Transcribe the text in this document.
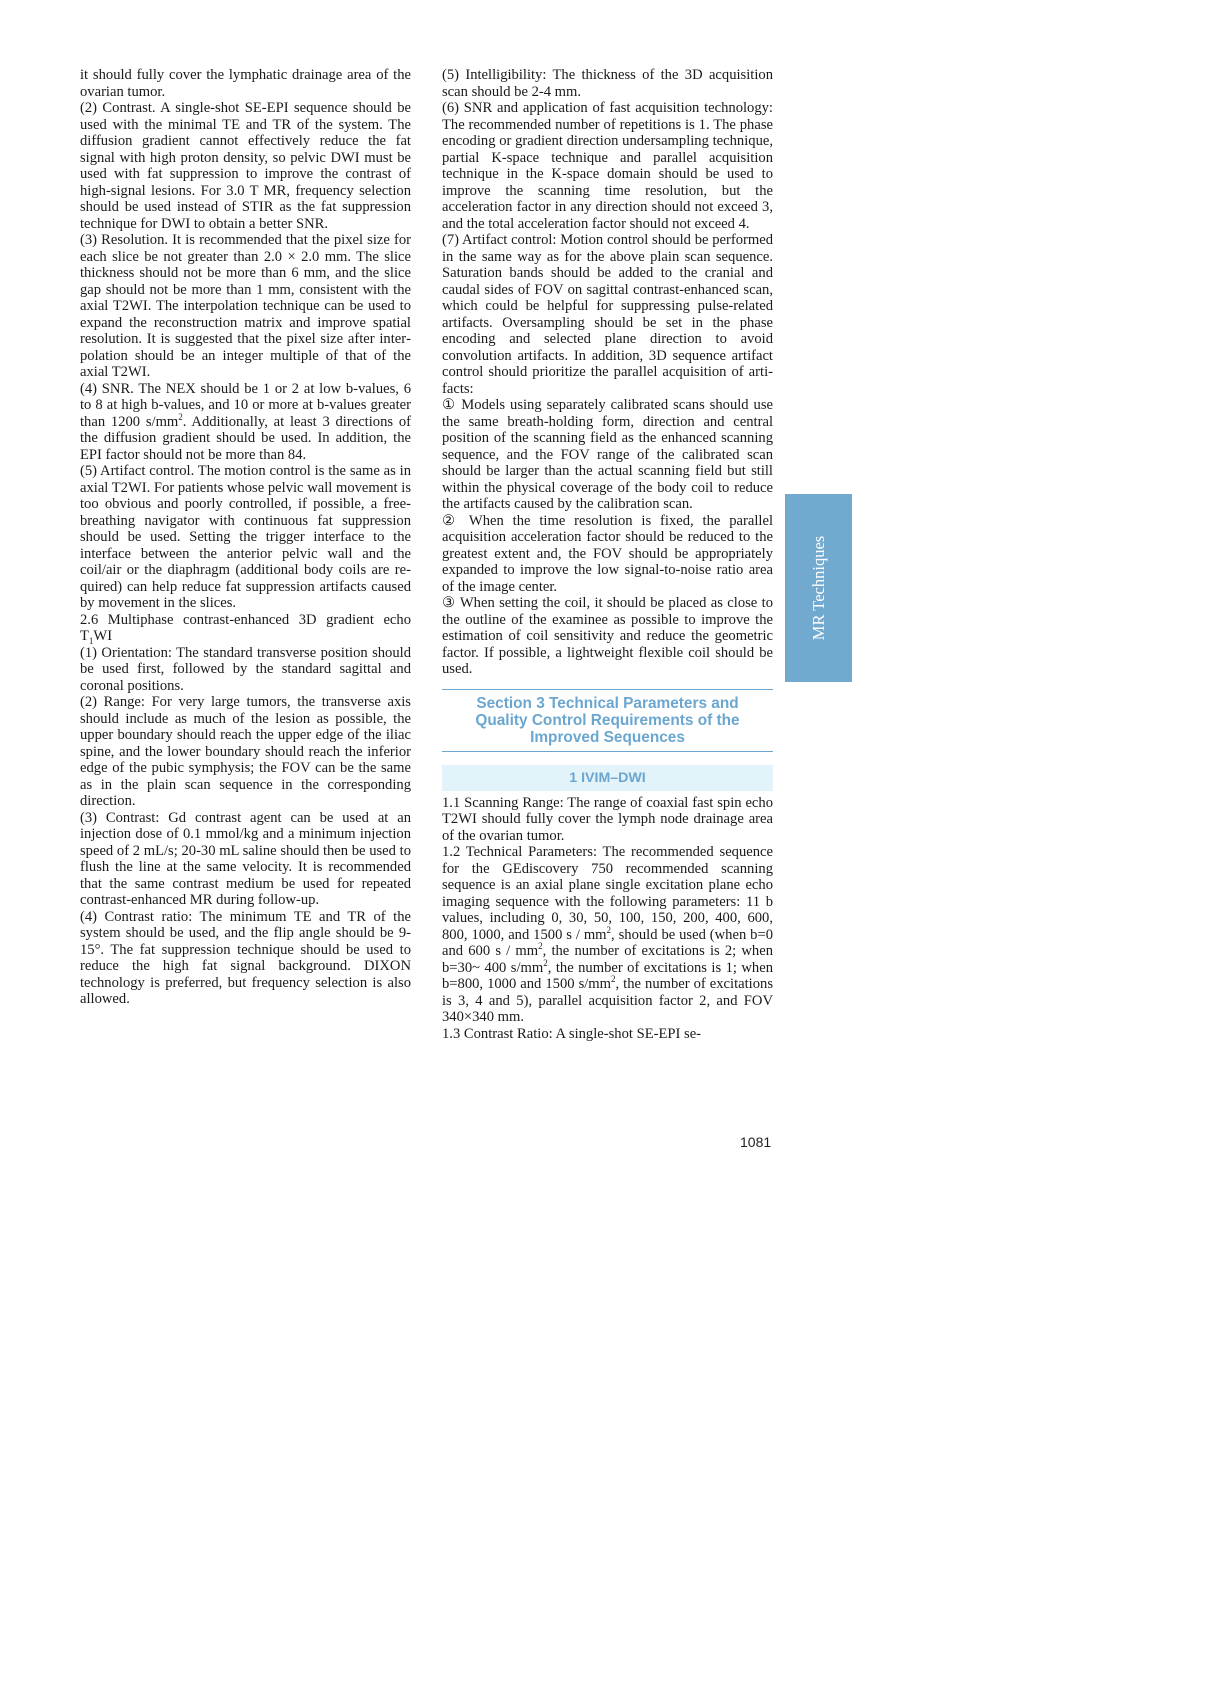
it should fully cover the lymphatic drainage area of the ovarian tumor.

(2) Contrast. A single-shot SE-EPI sequence should be used with the minimal TE and TR of the system. The diffusion gradient cannot effectively reduce the fat signal with high proton density, so pelvic DWI must be used with fat suppression to improve the contrast of high-signal lesions. For 3.0 T MR, frequency selection should be used instead of STIR as the fat suppression technique for DWI to obtain a better SNR.

(3) Resolution. It is recommended that the pixel size for each slice be not greater than 2.0 × 2.0 mm. The slice thickness should not be more than 6 mm, and the slice gap should not be more than 1 mm, consistent with the axial T2WI. The interpolation technique can be used to expand the reconstruction matrix and improve spatial resolution. It is suggested that the pixel size after interpolation should be an integer multiple of that of the axial T2WI.

(4) SNR. The NEX should be 1 or 2 at low b-values, 6 to 8 at high b-values, and 10 or more at b-values greater than 1200 $s/mm^2$. Additionally, at least 3 directions of the diffusion gradient should be used. In addition, the EPI factor should not be more than 84.

(5) Artifact control. The motion control is the same as in axial T2WI. For patients whose pelvic wall movement is too obvious and poorly controlled, if possible, a free-breathing navigator with continuous fat suppression should be used. Setting the trigger interface to the interface between the anterior pelvic wall and the coil/air or the diaphragm (additional body coils are required) can help reduce fat suppression artifacts caused by movement in the slices.

2.6 Multiphase contrast-enhanced 3D gradient echo $T_1WI$

(1) Orientation: The standard transverse position should be used first, followed by the standard sagittal and coronal positions.

(2) Range: For very large tumors, the transverse axis should include as much of the lesion as possible, the upper boundary should reach the upper edge of the iliac spine, and the lower boundary should reach the inferior edge of the pubic symphysis; the FOV can be the same as in the plain scan sequence in the corresponding direction.

(3) Contrast: Gd contrast agent can be used at an injection dose of 0.1 mmol/kg and a minimum injection speed of 2 mL/s; 20-30 mL saline should then be used to flush the line at the same velocity. It is recommended that the same contrast medium be used for repeated contrast-enhanced MR during follow-up.

(4) Contrast ratio: The minimum TE and TR of the system should be used, and the flip angle should be 9-15°. The fat suppression technique should be used to reduce the high fat signal background. DIXON technology is preferred, but frequency selection is also allowed.

(5) Intelligibility: The thickness of the 3D acquisition scan should be 2-4 mm.

(6) SNR and application of fast acquisition technology: The recommended number of repetitions is 1. The phase encoding or gradient direction undersampling technique, partial K-space technique and parallel acquisition technique in the K-space domain should be used to improve the scanning time resolution, but the acceleration factor in any direction should not exceed 3, and the total acceleration factor should not exceed 4.

(7) Artifact control: Motion control should be performed in the same way as for the above plain scan sequence. Saturation bands should be added to the cranial and caudal sides of FOV on sagittal contrast-enhanced scan, which could be helpful for suppressing pulse-related artifacts. Oversampling should be set in the phase encoding and selected plane direction to avoid convolution artifacts. In addition, 3D sequence artifact control should prioritize the parallel acquisition of artifacts:

① Models using separately calibrated scans should use the same breath-holding form, direction and central position of the scanning field as the enhanced scanning sequence, and the FOV range of the calibrated scan should be larger than the actual scanning field but still within the physical coverage of the body coil to reduce the artifacts caused by the calibration scan.

② When the time resolution is fixed, the parallel acquisition acceleration factor should be reduced to the greatest extent and, the FOV should be appropriately expanded to improve the low signal-to-noise ratio area of the image center.

③ When setting the coil, it should be placed as close to the outline of the examinee as possible to improve the estimation of coil sensitivity and reduce the geometric factor. If possible, a lightweight flexible coil should be used.

Section 3 Technical Parameters and
Quality Control Requirements of the
Improved Sequences
1 IVIM–DWI

1.1 Scanning Range: The range of coaxial fast spin echo T2WI should fully cover the lymph node drainage area of the ovarian tumor.

1.2 Technical Parameters: The recommended sequence for the GEdiscovery 750 recommended scanning sequence is an axial plane single excitation plane echo imaging sequence with the following parameters: 11 b values, including 0, 30, 50, 100, 150, 200, 400, 600, 800, 1000, and 1500 s / $mm^2$, should be used (when b=0 and 600 s / $mm^2$, the number of excitations is 2; when b=30~ 400 $s/mm^2$, the number of excitations is 1; when b=800, 1000 and 1500 $s/mm^2$, the number of excitations is 3, 4 and 5), parallel acquisition factor 2, and FOV 340×340 mm.

1.3 Contrast Ratio: A single-shot SE-EPI se-

MR Techniques
1081
